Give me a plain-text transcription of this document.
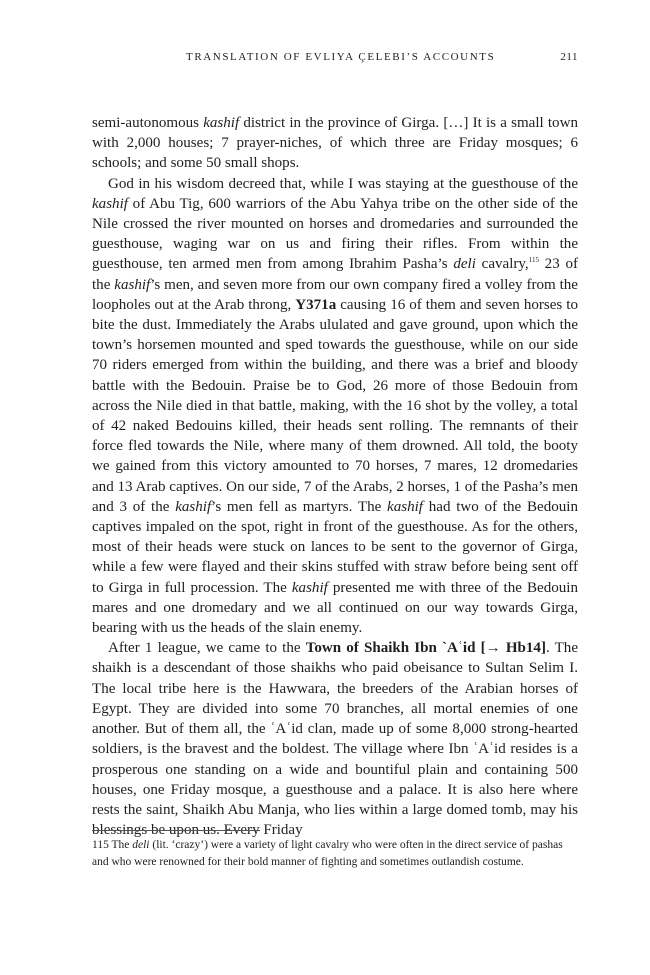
TRANSLATION OF EVLIYA ÇELEBI’S ACCOUNTS	211

semi-autonomous kashif district in the province of Girga. […] It is a small town with 2,000 houses; 7 prayer-niches, of which three are Friday mosques; 6 schools; and some 50 small shops.

God in his wisdom decreed that, while I was staying at the guesthouse of the kashif of Abu Tig, 600 warriors of the Abu Yahya tribe on the other side of the Nile crossed the river mounted on horses and dromedaries and surrounded the guesthouse, waging war on us and firing their rifles. From within the guesthouse, ten armed men from among Ibrahim Pasha’s deli cavalry,$^{115}$ 23 of the kashif’s men, and seven more from our own company fired a volley from the loopholes out at the Arab throng, Y371a causing 16 of them and seven horses to bite the dust. Immediately the Arabs ululated and gave ground, upon which the town’s horsemen mounted and sped towards the guesthouse, while on our side 70 riders emerged from within the building, and there was a brief and bloody battle with the Bedouin. Praise be to God, 26 more of those Bedouin from across the Nile died in that battle, making, with the 16 shot by the volley, a total of 42 naked Bedouins killed, their heads sent rolling. The remnants of their force fled towards the Nile, where many of them drowned. All told, the booty we gained from this victory amounted to 70 horses, 7 mares, 12 dromedaries and 13 Arab captives. On our side, 7 of the Arabs, 2 horses, 1 of the Pasha’s men and 3 of the kashif’s men fell as martyrs. The kashif had two of the Bedouin captives impaled on the spot, right in front of the guesthouse. As for the others, most of their heads were stuck on lances to be sent to the governor of Girga, while a few were flayed and their skins stuffed with straw before being sent off to Girga in full procession. The kashif presented me with three of the Bedouin mares and one dromedary and we all continued on our way towards Girga, bearing with us the heads of the slain enemy.

After 1 league, we came to the Town of Shaikh Ibn `Aʿid [→ Hb14]. The shaikh is a descendant of those shaikhs who paid obeisance to Sultan Selim I. The local tribe here is the Hawwara, the breeders of the Arabian horses of Egypt. They are divided into some 70 branches, all mortal enemies of one another. But of them all, the ʿAʿid clan, made up of some 8,000 strong-hearted soldiers, is the bravest and the boldest. The village where Ibn ʿAʿid resides is a prosperous one standing on a wide and bountiful plain and containing 500 houses, one Friday mosque, a guesthouse and a palace. It is also here where rests the saint, Shaikh Abu Manja, who lies within a large domed tomb, may his blessings be upon us. Every Friday

115 The deli (lit. ‘crazy’) were a variety of light cavalry who were often in the direct service of pashas and who were renowned for their bold manner of fighting and sometimes outlandish costume.
